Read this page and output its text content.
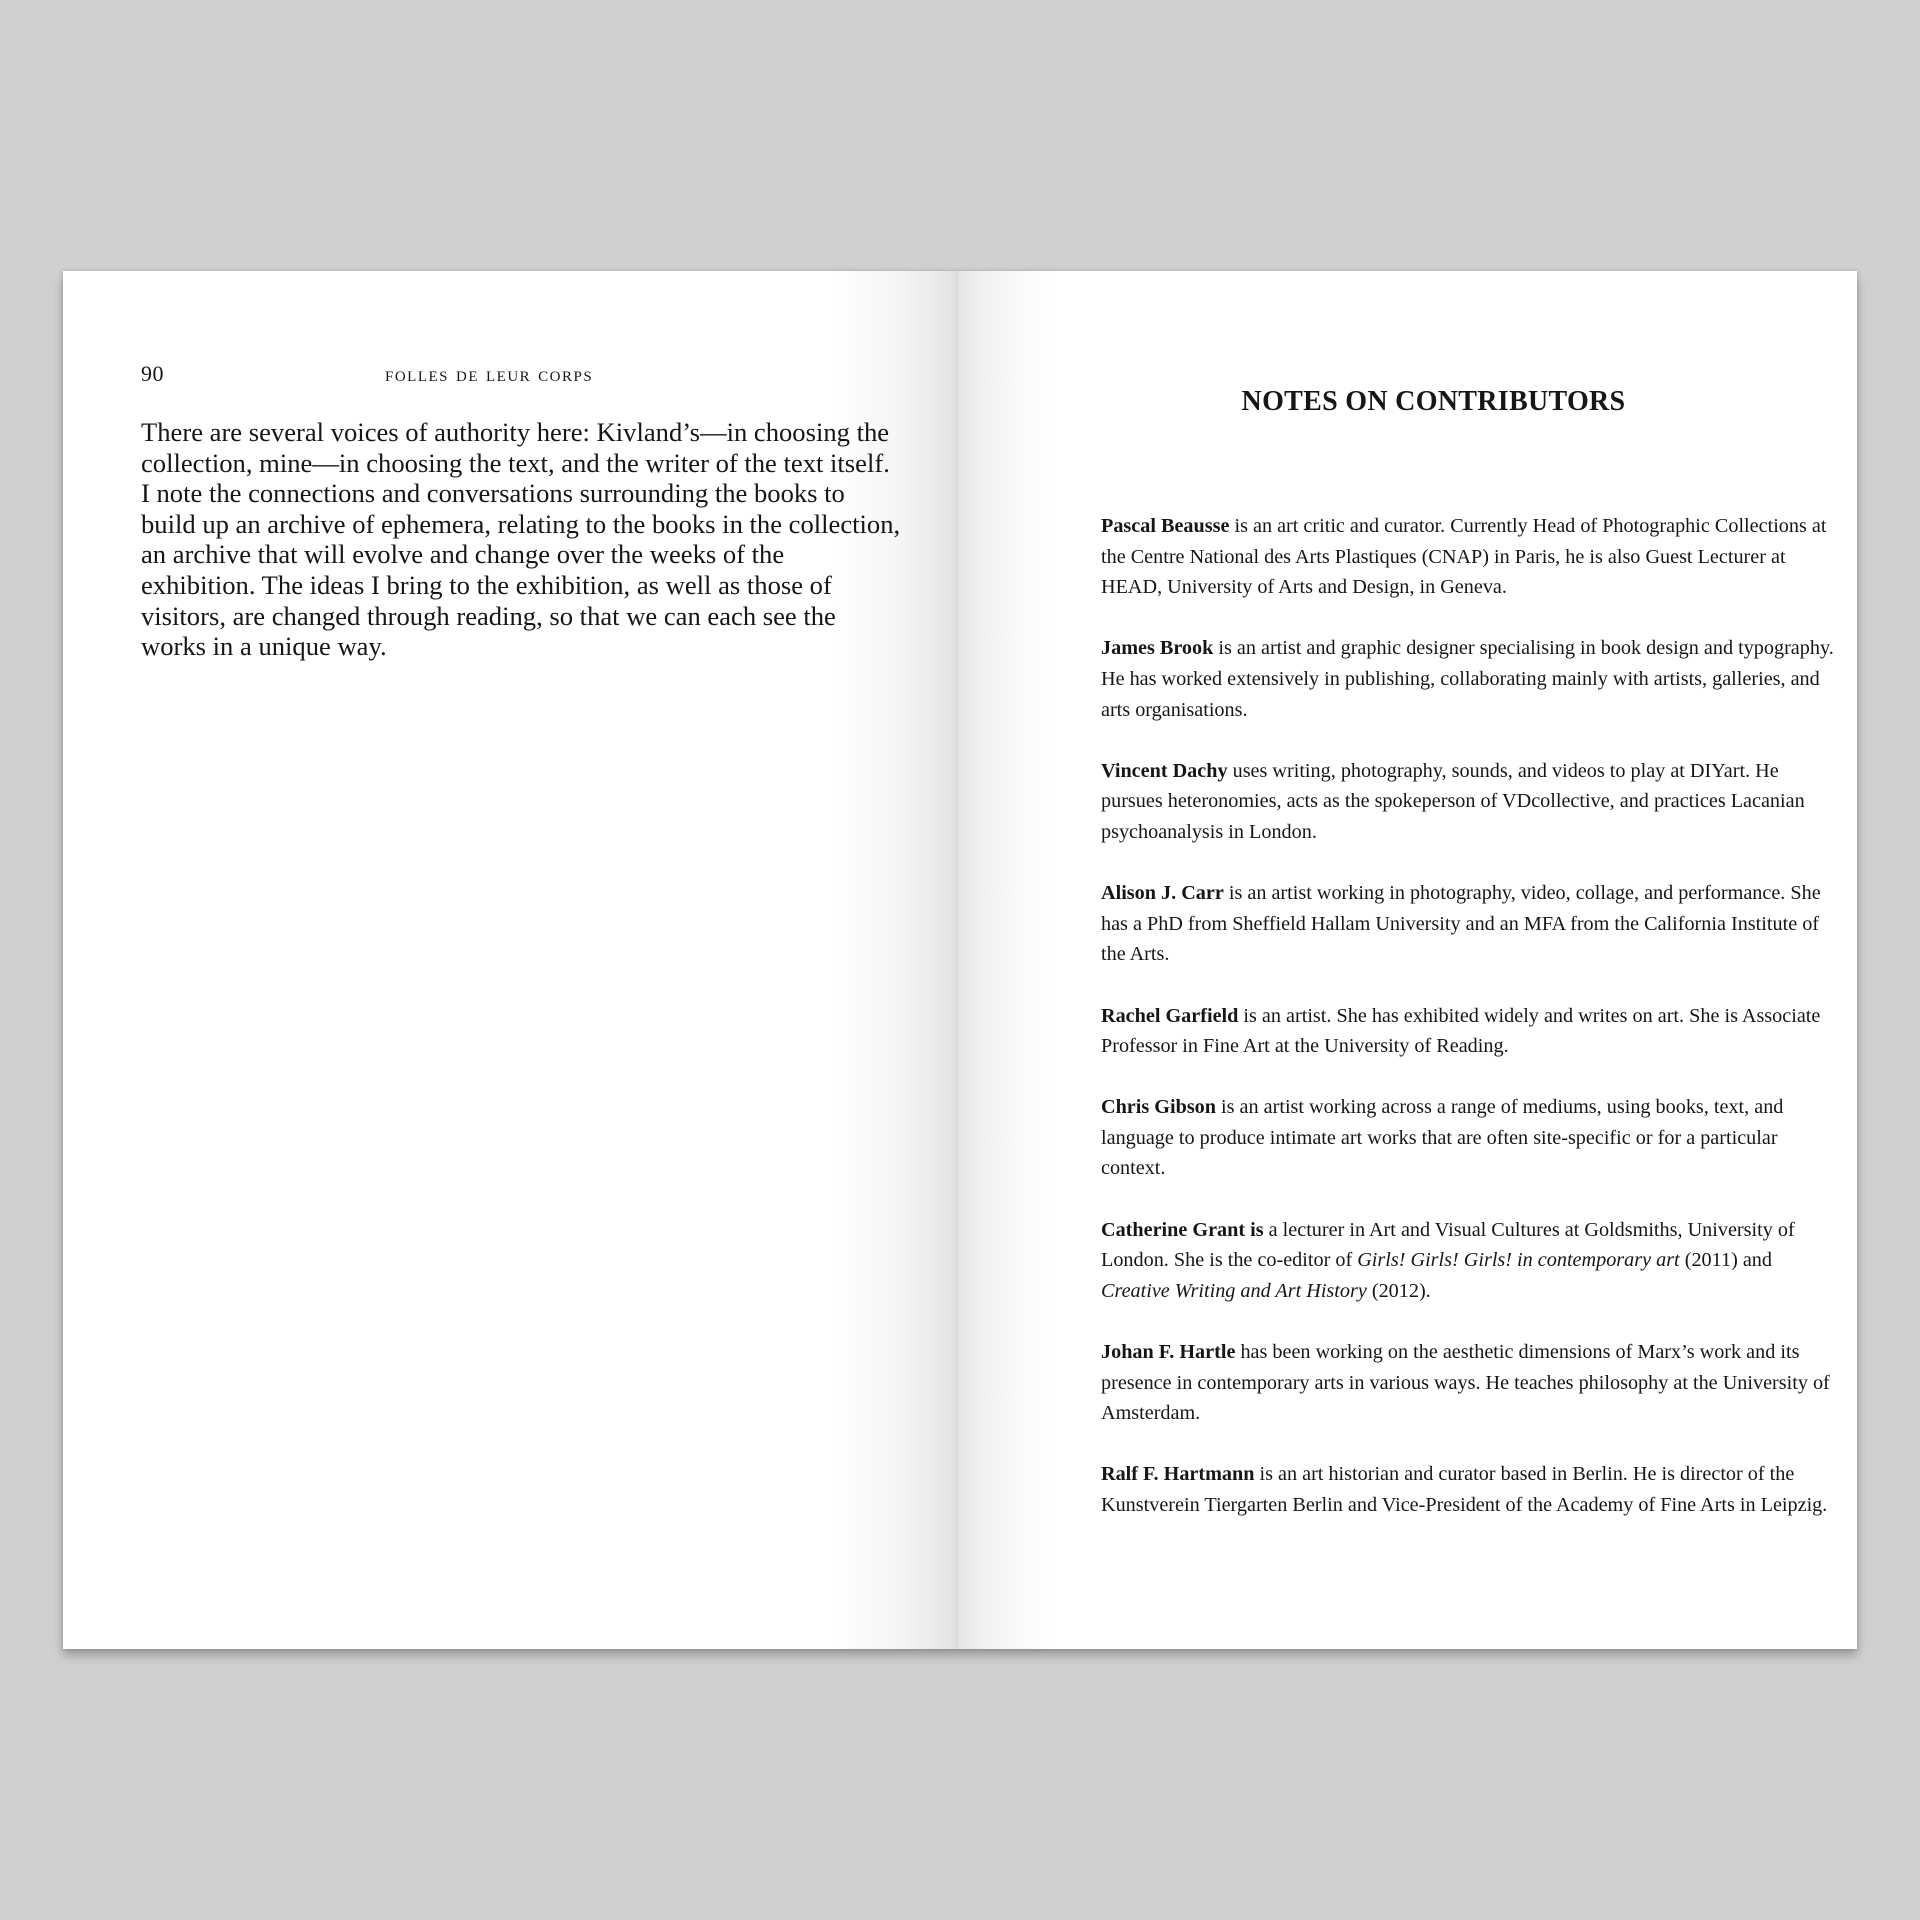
90	folles de leur corps

There are several voices of authority here: Kivland’s—in choosing the collection, mine—in choosing the text, and the writer of the text itself. I note the connections and conversations surrounding the books to build up an archive of ephemera, relating to the books in the collection, an archive that will evolve and change over the weeks of the exhibition. The ideas I bring to the exhibition, as well as those of visitors, are changed through reading, so that we can each see the works in a unique way.

NOTES ON CONTRIBUTORS
Pascal Beausse is an art critic and curator. Currently Head of Photographic Collections at the Centre National des Arts Plastiques (CNAP) in Paris, he is also Guest Lecturer at HEAD, University of Arts and Design, in Geneva.
James Brook is an artist and graphic designer specialising in book design and typography. He has worked extensively in publishing, collaborating mainly with artists, galleries, and arts organisations.
Vincent Dachy uses writing, photography, sounds, and videos to play at DIYart. He pursues heteronomies, acts as the spokeperson of VDcollective, and practices Lacanian psychoanalysis in London.
Alison J. Carr is an artist working in photography, video, collage, and performance. She has a PhD from Sheffield Hallam University and an MFA from the California Institute of the Arts.
Rachel Garfield is an artist. She has exhibited widely and writes on art. She is Associate Professor in Fine Art at the University of Reading.
Chris Gibson is an artist working across a range of mediums, using books, text, and language to produce intimate art works that are often site-specific or for a particular context.
Catherine Grant is a lecturer in Art and Visual Cultures at Goldsmiths, University of London. She is the co-editor of Girls! Girls! Girls! in contemporary art (2011) and Creative Writing and Art History (2012).
Johan F. Hartle has been working on the aesthetic dimensions of Marx’s work and its presence in contemporary arts in various ways. He teaches philosophy at the University of Amsterdam.
Ralf F. Hartmann is an art historian and curator based in Berlin. He is director of the Kunstverein Tiergarten Berlin and Vice-President of the Academy of Fine Arts in Leipzig.
